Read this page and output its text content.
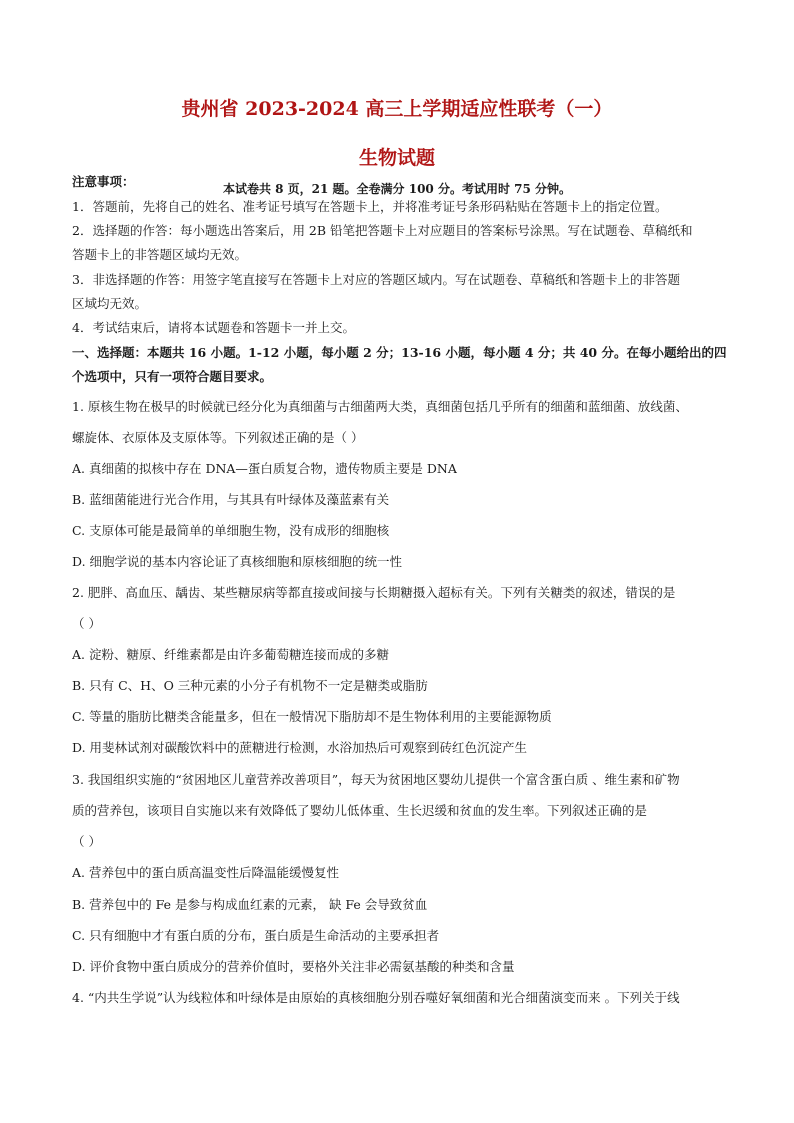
贵州省 2023-2024 高三上学期适应性联考（一）
生物试题
本试卷共 8 页，21 题。全卷满分 100 分。考试用时 75 分钟。
注意事项：
1．答题前，先将自己的姓名、准考证号填写在答题卡上，并将准考证号条形码粘贴在答题卡上的指定位置。
2．选择题的作答：每小题选出答案后，用 2B 铅笔把答题卡上对应题目的答案标号涂黑。写在试题卷、草稿纸和
答题卡上的非答题区域均无效。
3．非选择题的作答：用签字笔直接写在答题卡上对应的答题区域内。写在试题卷、草稿纸和答题卡上的非答题
区域均无效。
4．考试结束后，请将本试题卷和答题卡一并上交。
一、选择题：本题共 16 小题。1-12 小题，每小题 2 分；13-16 小题，每小题 4 分；共 40 分。在每小题给出的四
个选项中，只有一项符合题目要求。
1. 原核生物在极早的时候就已经分化为真细菌与古细菌两大类，真细菌包括几乎所有的细菌和蓝细菌、放线菌、
螺旋体、衣原体及支原体等。下列叙述正确的是（ ）
A. 真细菌的拟核中存在 DNA—蛋白质复合物，遗传物质主要是 DNA
B. 蓝细菌能进行光合作用，与其具有叶绿体及藻蓝素有关
C. 支原体可能是最简单的单细胞生物，没有成形的细胞核
D. 细胞学说的基本内容论证了真核细胞和原核细胞的统一性
2. 肥胖、高血压、龋齿、某些糖尿病等都直接或间接与长期糖摄入超标有关。下列有关糖类的叙述，错误的是
（ ）
A. 淀粉、糖原、纤维素都是由许多葡萄糖连接而成的多糖
B. 只有 C、H、O 三种元素的小分子有机物不一定是糖类或脂肪
C. 等量的脂肪比糖类含能量多，但在一般情况下脂肪却不是生物体利用的主要能源物质
D. 用斐林试剂对碳酸饮料中的蔗糖进行检测，水浴加热后可观察到砖红色沉淀产生
3. 我国组织实施的“贫困地区儿童营养改善项目”，每天为贫困地区婴幼儿提供一个富含蛋白质 、维生素和矿物
质的营养包，该项目自实施以来有效降低了婴幼儿低体重、生长迟缓和贫血的发生率。下列叙述正确的是
（ ）
A. 营养包中的蛋白质高温变性后降温能缓慢复性
B. 营养包中的 Fe 是参与构成血红素的元素， 缺 Fe 会导致贫血
C. 只有细胞中才有蛋白质的分布，蛋白质是生命活动的主要承担者
D. 评价食物中蛋白质成分的营养价值时，要格外关注非必需氨基酸的种类和含量
4. “内共生学说”认为线粒体和叶绿体是由原始的真核细胞分别吞噬好氧细菌和光合细菌演变而来 。下列关于线
